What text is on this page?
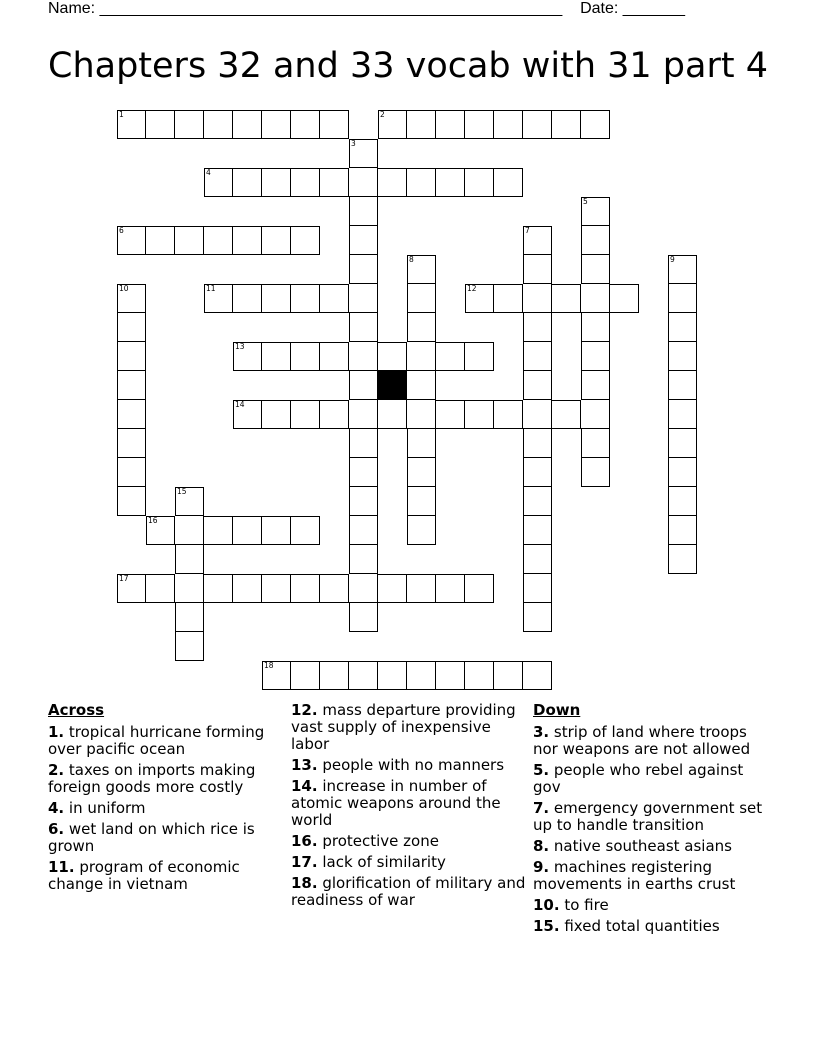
Name: ____________________________________________________    Date: _______
Chapters 32 and 33 vocab with 31 part 4
1	2
3
4
5
6	7
8	9
10	11	12
13
14
15
16
17
18
Across
1. tropical hurricane forming over pacific ocean
2. taxes on imports making foreign goods more costly
4. in uniform
6. wet land on which rice is grown
11. program of economic change in vietnam
12. mass departure providing vast supply of inexpensive labor
13. people with no manners
14. increase in number of atomic weapons around the world
16. protective zone
17. lack of similarity
18. glorification of military and readiness of war
Down
3. strip of land where troops nor weapons are not allowed
5. people who rebel against gov
7. emergency government set up to handle transition
8. native southeast asians
9. machines registering movements in earths crust
10. to fire
15. fixed total quantities
